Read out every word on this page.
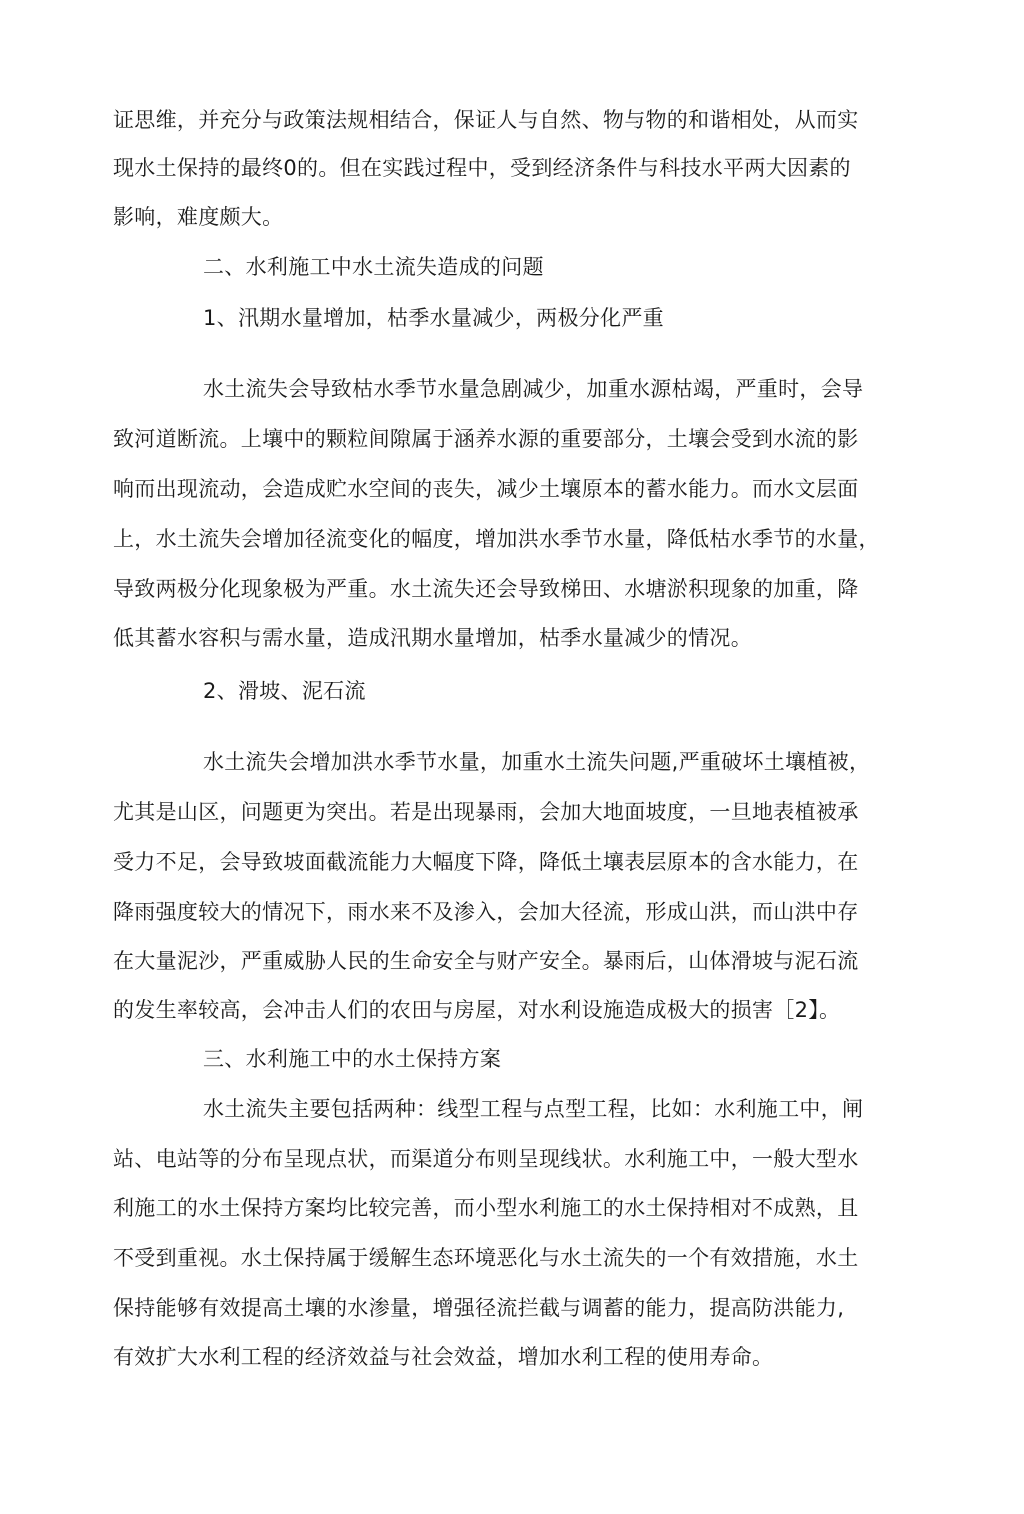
证思维，并充分与政策法规相结合，保证人与自然、物与物的和谐相处，从而实

现水土保持的最终0的。但在实践过程中，受到经济条件与科技水平两大因素的

影响，难度颇大。

二、水利施工中水土流失造成的问题

1、汛期水量增加，枯季水量减少，两极分化严重

水土流失会导致枯水季节水量急剧减少，加重水源枯竭，严重时，会导

致河道断流。上壤中的颗粒间隙属于涵养水源的重要部分，土壤会受到水流的影

响而出现流动，会造成贮水空间的丧失，减少土壤原本的蓄水能力。而水文层面

上，水土流失会增加径流变化的幅度，增加洪水季节水量，降低枯水季节的水量，

导致两极分化现象极为严重。水土流失还会导致梯田、水塘淤积现象的加重，降

低其蓄水容积与需水量，造成汛期水量增加，枯季水量减少的情况。

2、滑坡、泥石流

水土流失会增加洪水季节水量，加重水土流失问题,严重破坏土壤植被，

尤其是山区，问题更为突出。若是出现暴雨，会加大地面坡度，一旦地表植被承

受力不足，会导致坡面截流能力大幅度下降，降低土壤表层原本的含水能力，在

降雨强度较大的情况下，雨水来不及渗入，会加大径流，形成山洪，而山洪中存

在大量泥沙，严重威胁人民的生命安全与财产安全。暴雨后，山体滑坡与泥石流

的发生率较高，会冲击人们的农田与房屋，对水利设施造成极大的损害［2】。

三、水利施工中的水土保持方案

水土流失主要包括两种：线型工程与点型工程，比如：水利施工中，闸

站、电站等的分布呈现点状，而渠道分布则呈现线状。水利施工中，一般大型水

利施工的水土保持方案均比较完善，而小型水利施工的水土保持相对不成熟，且

不受到重视。水土保持属于缓解生态环境恶化与水土流失的一个有效措施，水土

保持能够有效提高土壤的水渗量，增强径流拦截与调蓄的能力，提高防洪能力,

有效扩大水利工程的经济效益与社会效益，增加水利工程的使用寿命。
